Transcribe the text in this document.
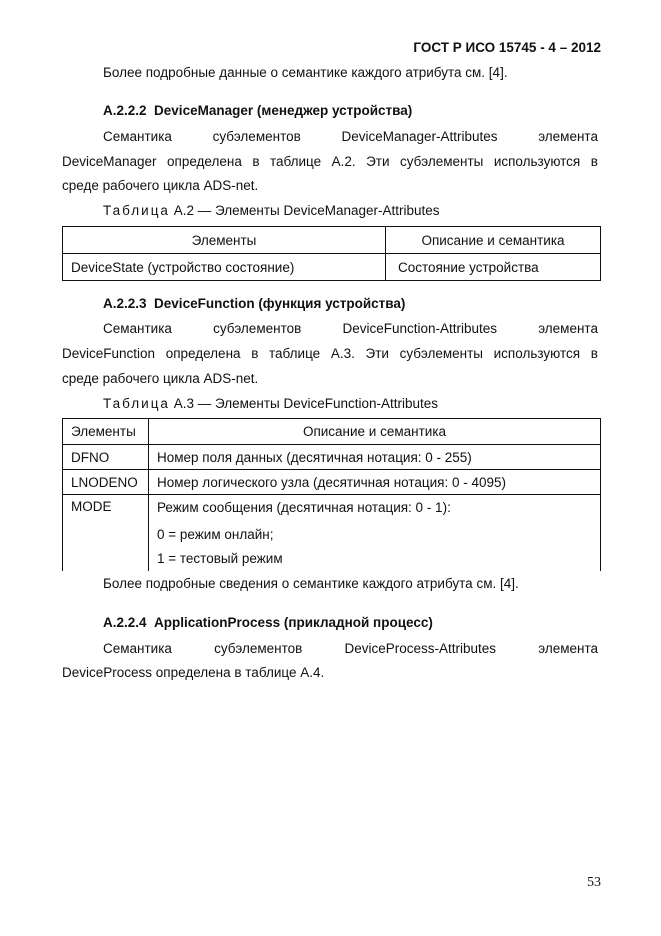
ГОСТ Р ИСО 15745 - 4 – 2012
Более подробные данные о семантике каждого атрибута см. [4].
А.2.2.2 DeviceManager (менеджер устройства)
Семантика	субэлементов	DeviceManager-Attributes	элемента
DeviceManager определена в таблице А.2. Эти субэлементы используются в
среде рабочего цикла ADS-net.
Таблица А.2 — Элементы DeviceManager-Attributes
Элементы	Описание и семантика
DeviceState (устройство состояние)	Состояние устройства
А.2.2.3 DeviceFunction (функция устройства)
Семантика	субэлементов	DeviceFunction-Attributes	элемента
DeviceFunction определена в таблице А.3. Эти субэлементы используются в
среде рабочего цикла ADS-net.
Таблица А.3 — Элементы DeviceFunction-Attributes
Элементы	Описание и семантика
DFNO	Номер поля данных (десятичная нотация: 0 - 255)
LNODENO	Номер логического узла (десятичная нотация: 0 - 4095)
MODE	Режим сообщения (десятичная нотация: 0 - 1):
0 = режим онлайн;
1 = тестовый режим
Более подробные сведения о семантике каждого атрибута см. [4].
А.2.2.4 ApplicationProcess (прикладной процесс)
Семантика	субэлементов	DeviceProcess-Attributes	элемента
DeviceProcess определена в таблице А.4.
53
